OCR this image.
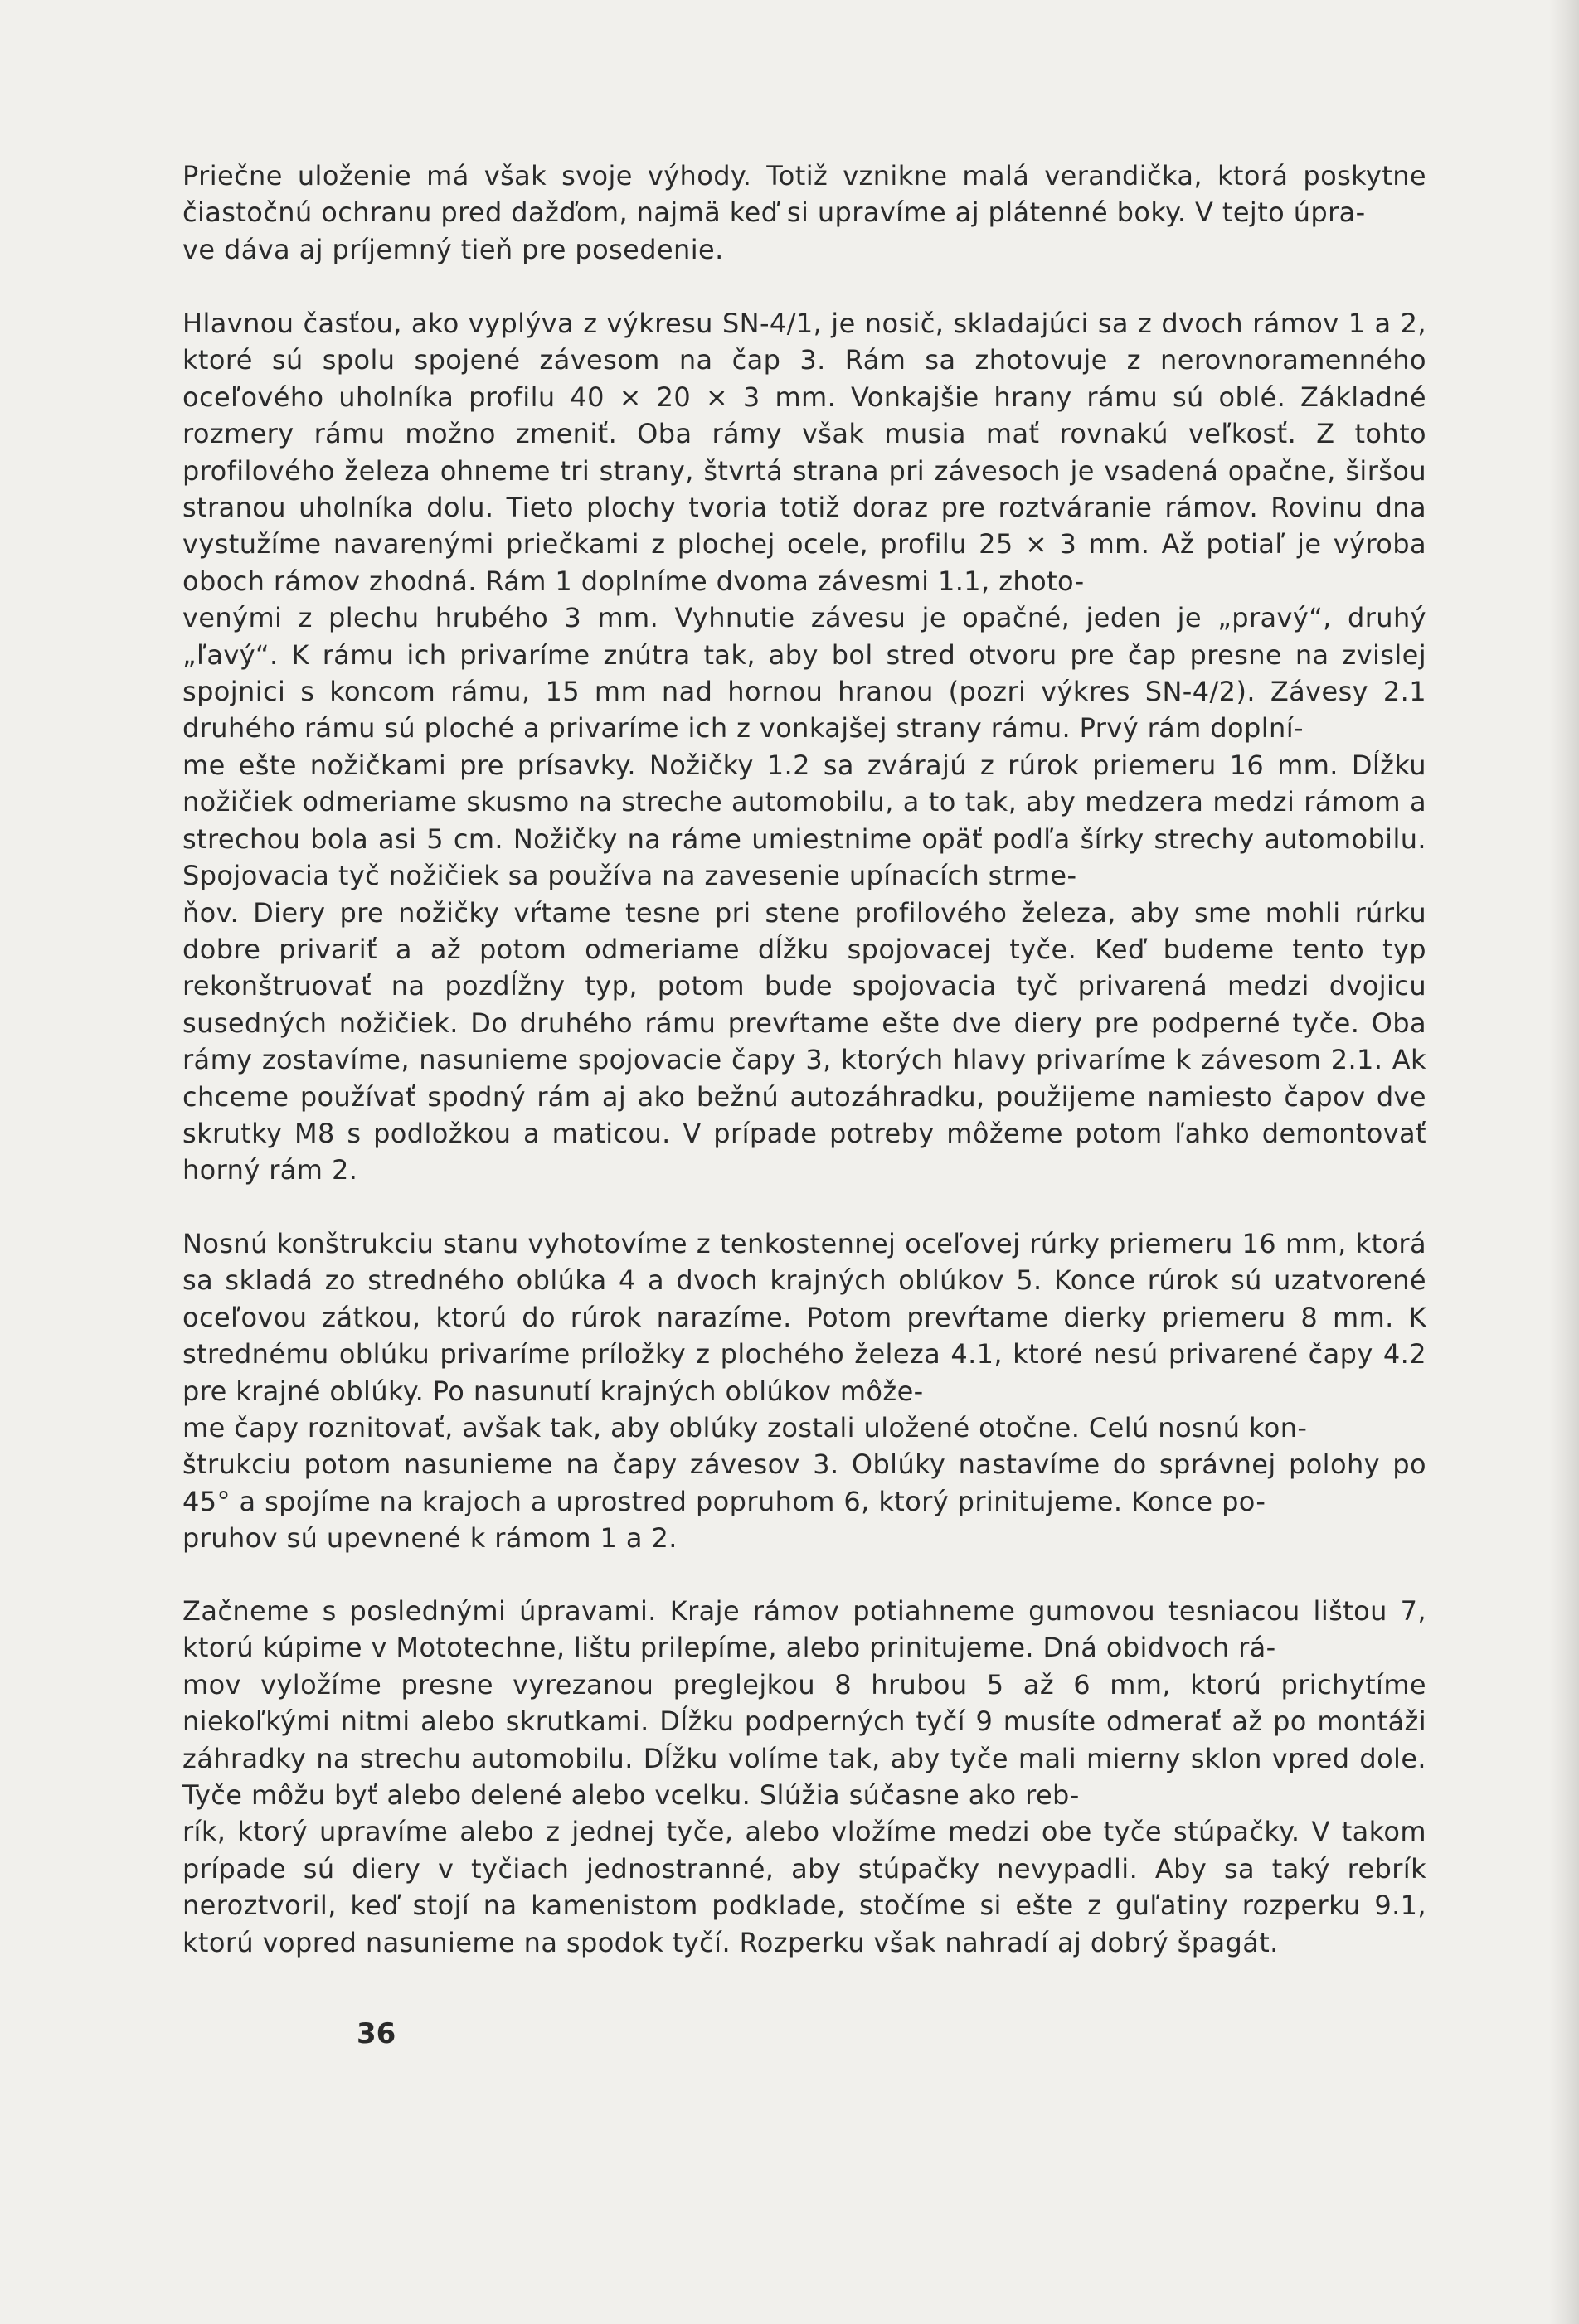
Priečne uloženie má však svoje výhody. Totiž vznikne malá verandička, ktorá poskytne čiastočnú ochranu pred dažďom, najmä keď si upravíme aj plátenné boky. V tejto úpra-
ve dáva aj príjemný tieň pre posedenie.

Hlavnou časťou, ako vyplýva z výkresu SN-4/1, je nosič, skladajúci sa z dvoch rámov 1 a 2, ktoré sú spolu spojené závesom na čap 3. Rám sa zhotovuje z nerovnoramenného oceľového uholníka profilu 40 × 20 × 3 mm. Vonkajšie hrany rámu sú oblé. Základné rozmery rámu možno zmeniť. Oba rámy však musia mať rovnakú veľkosť. Z tohto profilového železa ohneme tri strany, štvrtá strana pri závesoch je vsadená opačne, širšou stranou uholníka dolu. Tieto plochy tvoria totiž doraz pre roztváranie rámov. Rovinu dna vystužíme navarenými priečkami z plochej ocele, profilu 25 × 3 mm. Až potiaľ je výroba oboch rámov zhodná. Rám 1 doplníme dvoma závesmi 1.1, zhoto-
venými z plechu hrubého 3 mm. Vyhnutie závesu je opačné, jeden je „pravý“, druhý „ľavý“. K rámu ich privaríme znútra tak, aby bol stred otvoru pre čap presne na zvislej spojnici s koncom rámu, 15 mm nad hornou hranou (pozri výkres SN-4/2). Závesy 2.1 druhého rámu sú ploché a privaríme ich z vonkajšej strany rámu. Prvý rám doplní-
me ešte nožičkami pre prísavky. Nožičky 1.2 sa zvárajú z rúrok priemeru 16 mm. Dĺžku nožičiek odmeriame skusmo na streche automobilu, a to tak, aby medzera medzi rámom a strechou bola asi 5 cm. Nožičky na ráme umiestnime opäť podľa šírky strechy automobilu. Spojovacia tyč nožičiek sa používa na zavesenie upínacích strme-
ňov. Diery pre nožičky vŕtame tesne pri stene profilového železa, aby sme mohli rúrku dobre privariť a až potom odmeriame dĺžku spojovacej tyče. Keď budeme tento typ rekonštruovať na pozdĺžny typ, potom bude spojovacia tyč privarená medzi dvojicu susedných nožičiek. Do druhého rámu prevŕtame ešte dve diery pre podperné tyče. Oba rámy zostavíme, nasunieme spojovacie čapy 3, ktorých hlavy privaríme k závesom 2.1. Ak chceme používať spodný rám aj ako bežnú autozáhradku, použijeme namiesto čapov dve skrutky M8 s podložkou a maticou. V prípade potreby môžeme potom ľahko demontovať horný rám 2.

Nosnú konštrukciu stanu vyhotovíme z tenkostennej oceľovej rúrky priemeru 16 mm, ktorá sa skladá zo stredného oblúka 4 a dvoch krajných oblúkov 5. Konce rúrok sú uzatvorené oceľovou zátkou, ktorú do rúrok narazíme. Potom prevŕtame dierky priemeru 8 mm. K strednému oblúku privaríme príložky z plochého železa 4.1, ktoré nesú privarené čapy 4.2 pre krajné oblúky. Po nasunutí krajných oblúkov môže-
me čapy roznitovať, avšak tak, aby oblúky zostali uložené otočne. Celú nosnú kon-
štrukciu potom nasunieme na čapy závesov 3. Oblúky nastavíme do správnej polohy po 45° a spojíme na krajoch a uprostred popruhom 6, ktorý prinitujeme. Konce po-
pruhov sú upevnené k rámom 1 a 2.

Začneme s poslednými úpravami. Kraje rámov potiahneme gumovou tesniacou lištou 7, ktorú kúpime v Mototechne, lištu prilepíme, alebo prinitujeme. Dná obidvoch rá-
mov vyložíme presne vyrezanou preglejkou 8 hrubou 5 až 6 mm, ktorú prichytíme niekoľkými nitmi alebo skrutkami. Dĺžku podperných tyčí 9 musíte odmerať až po montáži záhradky na strechu automobilu. Dĺžku volíme tak, aby tyče mali mierny sklon vpred dole. Tyče môžu byť alebo delené alebo vcelku. Slúžia súčasne ako reb-
rík, ktorý upravíme alebo z jednej tyče, alebo vložíme medzi obe tyče stúpačky. V takom prípade sú diery v tyčiach jednostranné, aby stúpačky nevypadli. Aby sa taký rebrík neroztvoril, keď stojí na kamenistom podklade, stočíme si ešte z guľatiny rozperku 9.1, ktorú vopred nasunieme na spodok tyčí. Rozperku však nahradí aj dobrý špagát.

36
